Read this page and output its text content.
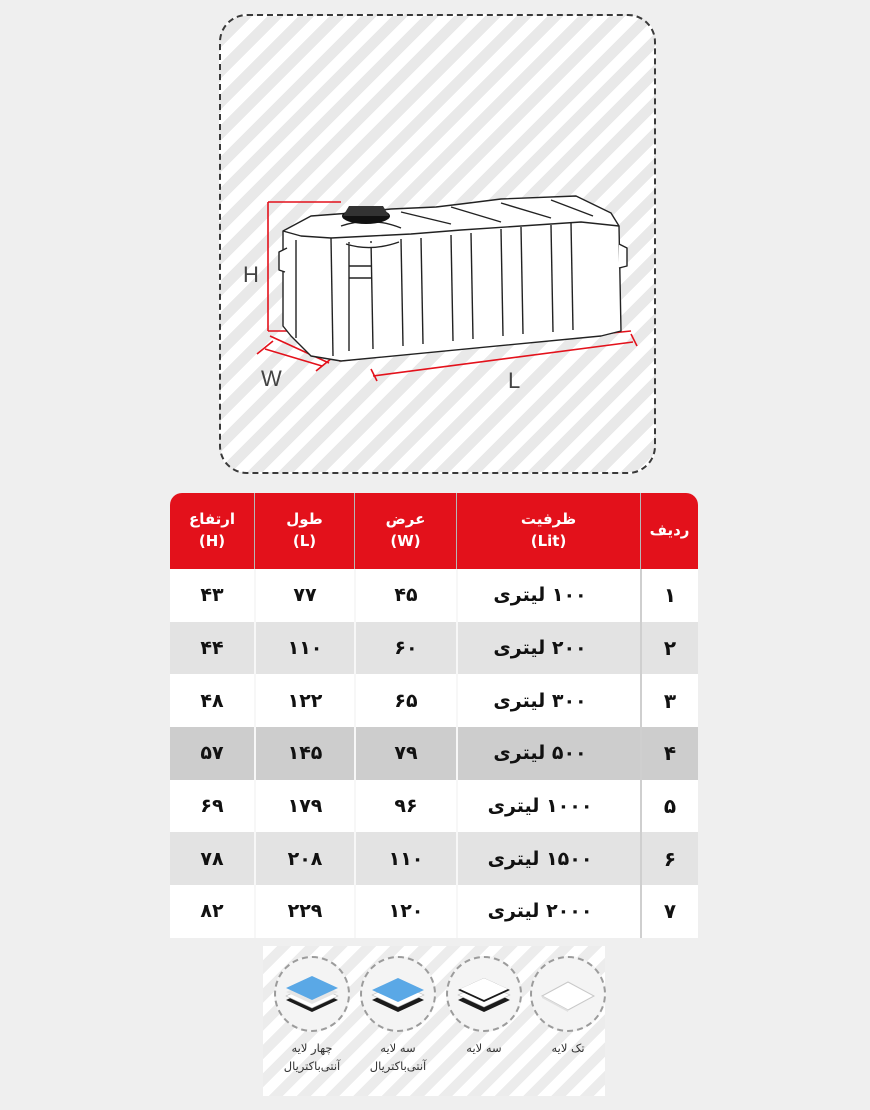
H
W	L
ردیف
ظرفیت
(Lit)
عرض
(W)
طول
(L)
ارتفاع
(H)
۱
۱۰۰ لیتری
۴۵
۷۷
۴۳
۲
۲۰۰ لیتری
۶۰
۱۱۰
۴۴
۳
۳۰۰ لیتری
۶۵
۱۲۲
۴۸
۴
۵۰۰ لیتری
۷۹
۱۴۵
۵۷
۵
۱۰۰۰ لیتری
۹۶
۱۷۹
۶۹
۶
۱۵۰۰ لیتری
۱۱۰
۲۰۸
۷۸
۷
۲۰۰۰ لیتری
۱۲۰
۲۲۹
۸۲
چهار لایه
آنتی‌باکتریال
سه لایه
آنتی‌باکتریال
سه لایه	تک لایه
